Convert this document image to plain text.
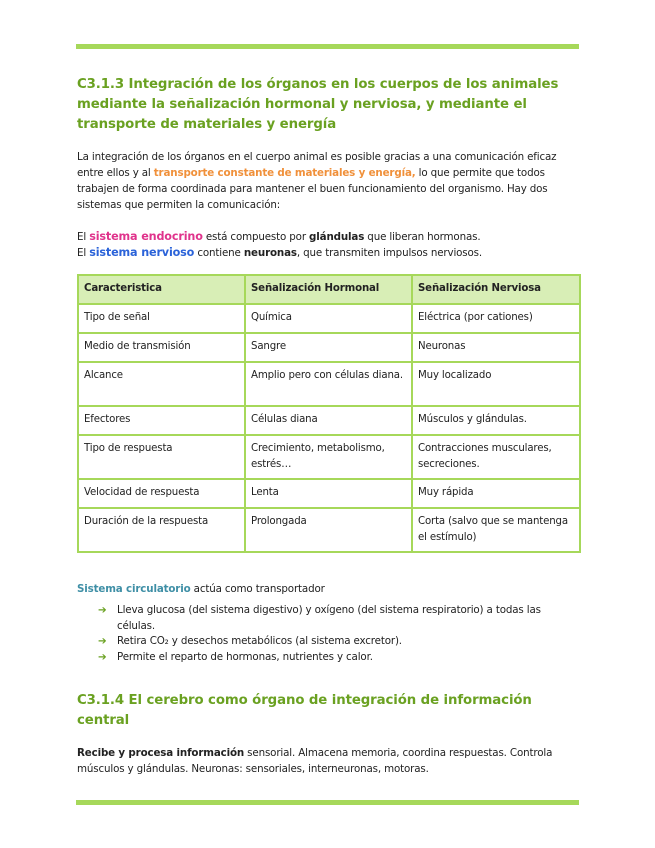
C3.1.3 Integración de los órganos en los cuerpos de los animales mediante la señalización hormonal y nerviosa, y mediante el transporte de materiales y energía

La integración de los órganos en el cuerpo animal es posible gracias a una comunicación eficaz entre ellos y al transporte constante de materiales y energía, lo que permite que todos trabajen de forma coordinada para mantener el buen funcionamiento del organismo. Hay dos sistemas que permiten la comunicación:

El sistema endocrino está compuesto por glándulas que liberan hormonas.

El sistema nervioso contiene neuronas, que transmiten impulsos nerviosos.

Caracteristica	Señalización Hormonal	Señalización Nerviosa
Tipo de señal	Química	Eléctrica (por cationes)
Medio de transmisión	Sangre	Neuronas
Alcance	Amplio pero con células diana.	Muy localizado
Efectores	Células diana	Músculos y glándulas.
Tipo de respuesta	Crecimiento, metabolismo, estrés…	Contracciones musculares, secreciones.
Velocidad de respuesta	Lenta	Muy rápida
Duración de la respuesta	Prolongada	Corta (salvo que se mantenga el estímulo)

Sistema circulatorio actúa como transportador

➔ Lleva glucosa (del sistema digestivo) y oxígeno (del sistema respiratorio) a todas las células.
➔ Retira CO₂ y desechos metabólicos (al sistema excretor).
➔ Permite el reparto de hormonas, nutrientes y calor.
C3.1.4 El cerebro como órgano de integración de información central

Recibe y procesa información sensorial. Almacena memoria, coordina respuestas. Controla músculos y glándulas. Neuronas: sensoriales, interneuronas, motoras.
